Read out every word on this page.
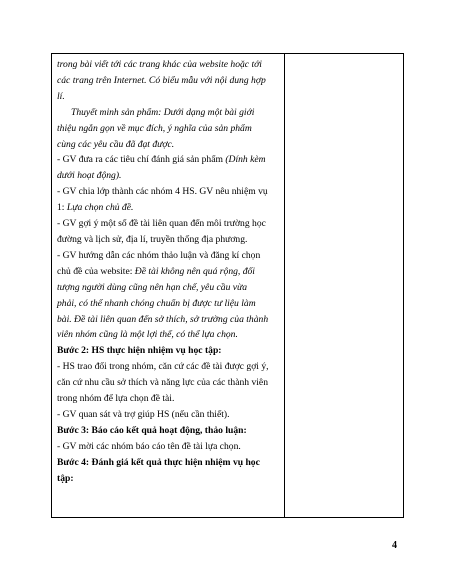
trong bài viết tới các trang khác của website hoặc tới
các trang trên Internet. Có biểu mẫu với nội dung hợp
lí.
Thuyết minh sản phẩm: Dưới dạng một bài giới
thiệu ngắn gọn về mục đích, ý nghĩa của sản phẩm
cùng các yêu cầu đã đạt được.
- GV đưa ra các tiêu chí đánh giá sản phẩm (Dính kèm
dưới hoạt động).
- GV chia lớp thành các nhóm 4 HS. GV nêu nhiệm vụ
1: Lựa chọn chủ đề.
- GV gợi ý một số đề tài liên quan đến môi trường học
đường và lịch sử, địa lí, truyền thống địa phương.
- GV hướng dẫn các nhóm thảo luận và đăng kí chọn
chủ đề của website: Đề tài không nên quá rộng, đối
tượng người dùng cũng nên hạn chế, yêu cầu vừa
phải, có thể nhanh chóng chuẩn bị được tư liệu làm
bài. Đề tài liên quan đến sở thích, sở trường của thành
viên nhóm cũng là một lợi thế, có thể lựa chọn.
Bước 2: HS thực hiện nhiệm vụ học tập:
- HS trao đổi trong nhóm, căn cứ các đề tài được gợi ý,
căn cứ nhu cầu sở thích và năng lực của các thành viên
trong nhóm để lựa chọn đề tài.
- GV quan sát và trợ giúp HS (nếu cần thiết).
Bước 3: Báo cáo kết quả hoạt động, thảo luận:
- GV mời các nhóm báo cáo tên đề tài lựa chọn.
Bước 4: Đánh giá kết quả thực hiện nhiệm vụ học
tập:
4
